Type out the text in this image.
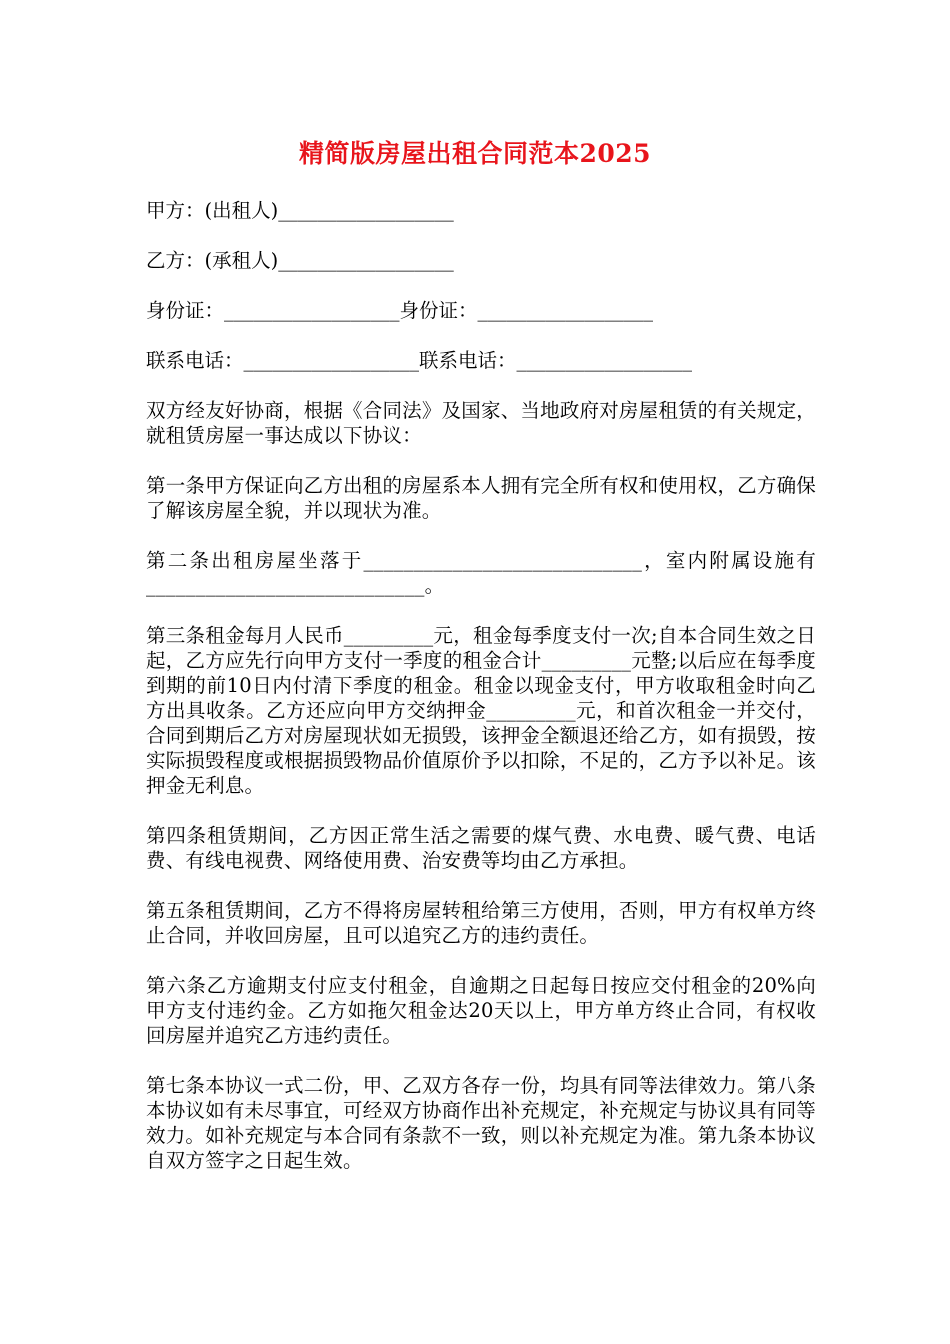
精简版房屋出租合同范本2025
甲方：(出租人)__________________
乙方：(承租人)__________________
身份证：__________________身份证：__________________
联系电话：__________________联系电话：__________________

双方经友好协商，根据《合同法》及国家、当地政府对房屋租赁的有关规定，就租赁房屋一事达成以下协议：

第一条甲方保证向乙方出租的房屋系本人拥有完全所有权和使用权，乙方确保了解该房屋全貌，并以现状为准。

第二条出租房屋坐落于____________________________，室内附属设施有____________________________。

第三条租金每月人民币_________元，租金每季度支付一次;自本合同生效之日起，乙方应先行向甲方支付一季度的租金合计_________元整;以后应在每季度到期的前10日内付清下季度的租金。租金以现金支付，甲方收取租金时向乙方出具收条。乙方还应向甲方交纳押金_________元，和首次租金一并交付，合同到期后乙方对房屋现状如无损毁，该押金全额退还给乙方，如有损毁，按实际损毁程度或根据损毁物品价值原价予以扣除，不足的，乙方予以补足。该押金无利息。

第四条租赁期间，乙方因正常生活之需要的煤气费、水电费、暖气费、电话费、有线电视费、网络使用费、治安费等均由乙方承担。

第五条租赁期间，乙方不得将房屋转租给第三方使用，否则，甲方有权单方终止合同，并收回房屋，且可以追究乙方的违约责任。

第六条乙方逾期支付应支付租金，自逾期之日起每日按应交付租金的20%向甲方支付违约金。乙方如拖欠租金达20天以上，甲方单方终止合同，有权收回房屋并追究乙方违约责任。

第七条本协议一式二份，甲、乙双方各存一份，均具有同等法律效力。第八条本协议如有未尽事宜，可经双方协商作出补充规定，补充规定与协议具有同等效力。如补充规定与本合同有条款不一致，则以补充规定为准。第九条本协议自双方签字之日起生效。
